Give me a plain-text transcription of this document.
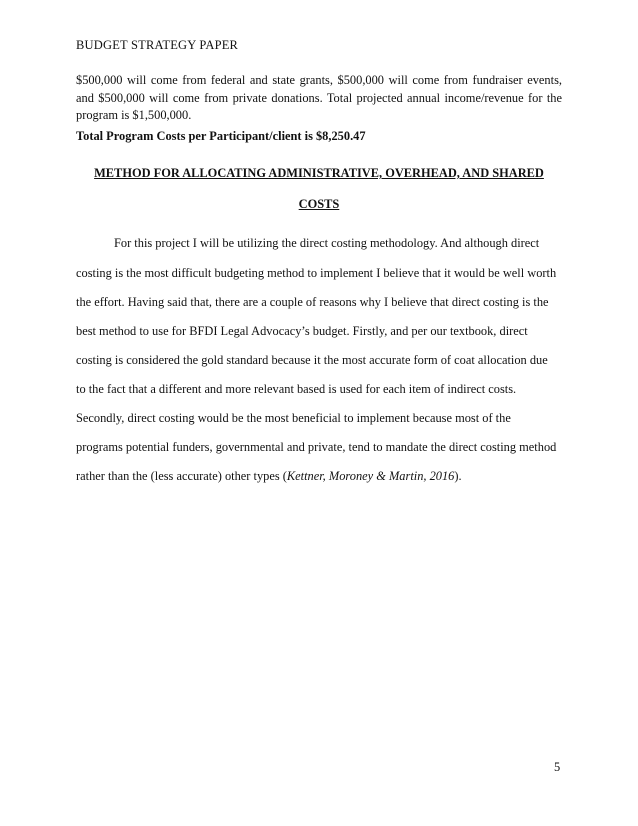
BUDGET STRATEGY PAPER
$500,000 will come from federal and state grants, $500,000 will come from fundraiser events, and $500,000 will come from private donations. Total projected annual income/revenue for the program is $1,500,000.
Total Program Costs per Participant/client is $8,250.47
METHOD FOR ALLOCATING ADMINISTRATIVE, OVERHEAD, AND SHARED
COSTS
For this project I will be utilizing the direct costing methodology. And although direct
costing is the most difficult budgeting method to implement I believe that it would be well worth
the effort. Having said that, there are a couple of reasons why I believe that direct costing is the
best method to use for BFDI Legal Advocacy’s budget. Firstly, and per our textbook, direct
costing is considered the gold standard because it the most accurate form of coat allocation due
to the fact that a different and more relevant based is used for each item of indirect costs.
Secondly, direct costing would be the most beneficial to implement because most of the
programs potential funders, governmental and private, tend to mandate the direct costing method
rather than the (less accurate) other types (Kettner, Moroney & Martin, 2016).
5
